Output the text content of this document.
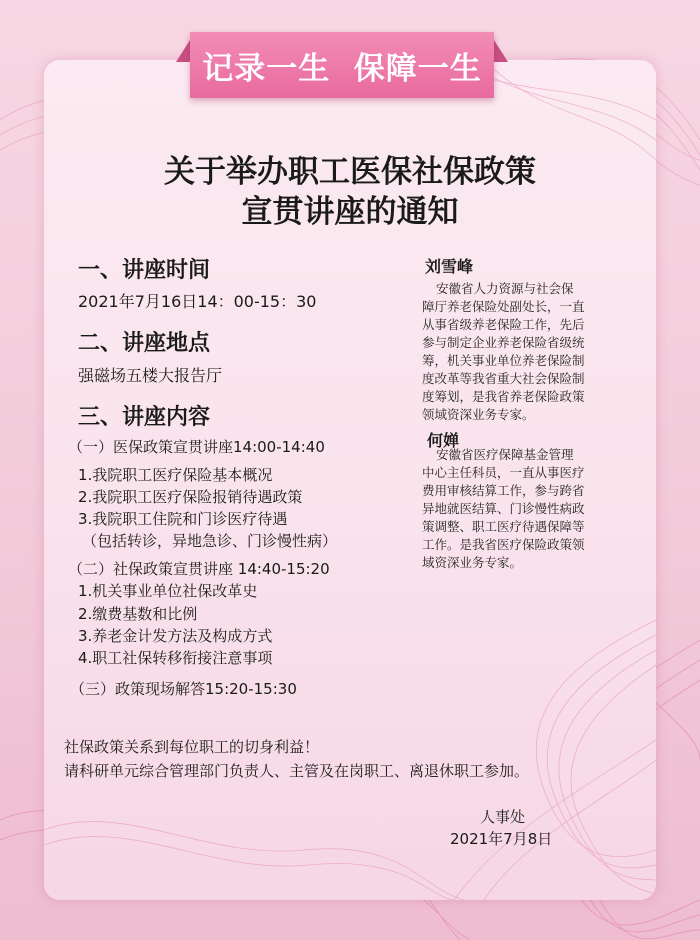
关于举办职工医保社保政策
宣贯讲座的通知
一、讲座时间
2021年7月16日14：00-15：30
二、讲座地点
强磁场五楼大报告厅
三、讲座内容
（一）医保政策宣贯讲座14:00-14:40
1.我院职工医疗保险基本概况
2.我院职工医疗保险报销待遇政策
3.我院职工住院和门诊医疗待遇
（包括转诊，异地急诊、门诊慢性病）
（二）社保政策宣贯讲座 14:40-15:20
1.机关事业单位社保改革史
2.缴费基数和比例
3.养老金计发方法及构成方式
4.职工社保转移衔接注意事项
（三）政策现场解答15:20-15:30
刘雪峰
安徽省人力资源与社会保
障厅养老保险处副处长，一直
从事省级养老保险工作，先后
参与制定企业养老保险省级统
筹，机关事业单位养老保险制
度改革等我省重大社会保险制
度筹划，是我省养老保险政策
领域资深业务专家。
何婵
安徽省医疗保障基金管理
中心主任科员，一直从事医疗
费用审核结算工作，参与跨省
异地就医结算、门诊慢性病政
策调整、职工医疗待遇保障等
工作。是我省医疗保险政策领
域资深业务专家。
社保政策关系到每位职工的切身利益！
请科研单元综合管理部门负责人、主管及在岗职工、离退休职工参加。
人事处
2021年7月8日
记录一生  保障一生
